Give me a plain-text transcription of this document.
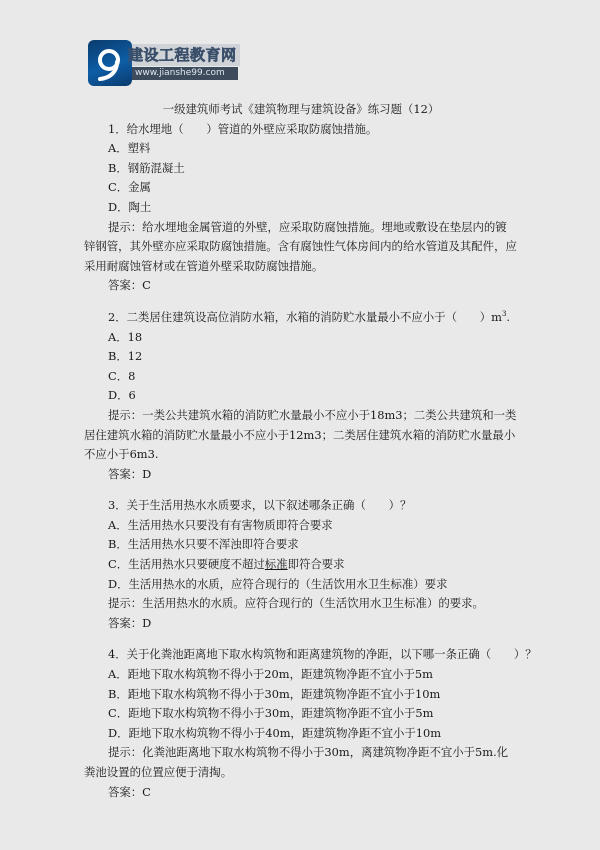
建设工程教育网
www.jianshe99.com
一级建筑师考试《建筑物理与建筑设备》练习题（12）
1．给水埋地（　　）管道的外壁应采取防腐蚀措施。
A．塑料
B．钢筋混凝土
C．金属
D．陶土
提示：给水埋地金属管道的外壁，应采取防腐蚀措施。埋地或敷设在垫层内的镀锌钢管，其外壁亦应采取防腐蚀措施。含有腐蚀性气体房间内的给水管道及其配件，应采用耐腐蚀管材或在管道外壁采取防腐蚀措施。
答案：C
2．二类居住建筑设高位消防水箱，水箱的消防贮水量最小不应小于（　　）$m^3$.
A．18
B．12
C．8
D．6
提示：一类公共建筑水箱的消防贮水量最小不应小于18m3；二类公共建筑和一类居住建筑水箱的消防贮水量最小不应小于12m3；二类居住建筑水箱的消防贮水量最小不应小于6m3.
答案：D
3．关于生活用热水水质要求，以下叙述哪条正确（　　）？
A．生活用热水只要没有有害物质即符合要求
B．生活用热水只要不浑浊即符合要求
C．生活用热水只要硬度不超过标准即符合要求
D．生活用热水的水质，应符合现行的（生活饮用水卫生标准）要求
提示：生活用热水的水质。应符合现行的（生活饮用水卫生标准）的要求。
答案：D
4．关于化粪池距离地下取水构筑物和距离建筑物的净距，以下哪一条正确（　　）？
A．距地下取水构筑物不得小于20m，距建筑物净距不宜小于5m
B．距地下取水构筑物不得小于30m，距建筑物净距不宜小于10m
C．距地下取水构筑物不得小于30m，距建筑物净距不宜小于5m
D．距地下取水构筑物不得小于40m，距建筑物净距不宜小于10m
提示：化粪池距离地下取水构筑物不得小于30m，离建筑物净距不宜小于5m.化粪池设置的位置应便于清掏。
答案：C
